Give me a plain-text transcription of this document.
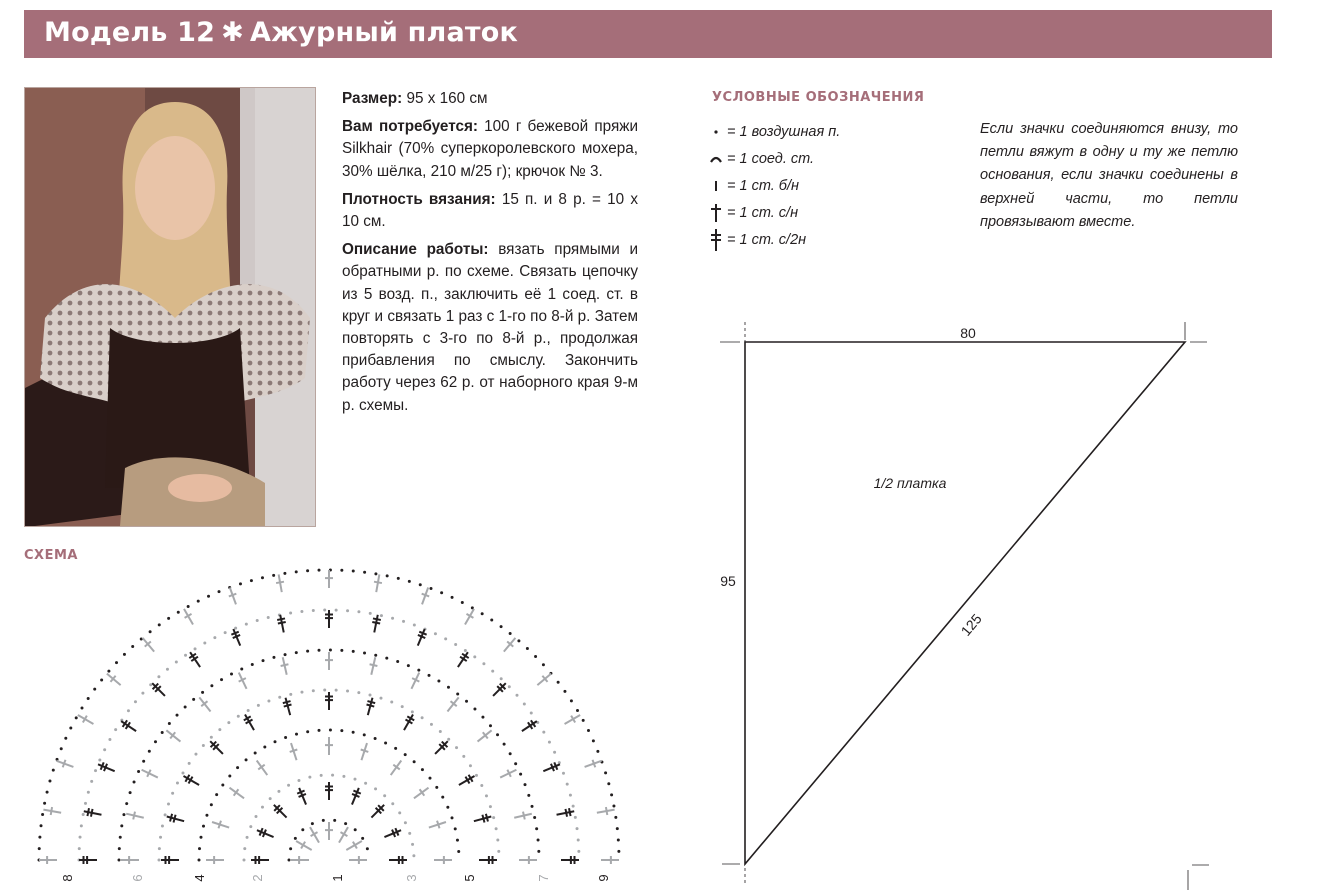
Модель 12 ✱ Ажурный платок

Размер: 95 х 160 см

Вам потребуется: 100 г бежевой пряжи Silkhair (70% суперкоролевского мохера, 30% шёлка, 210 м/25 г); крючок № 3.

Плотность вязания: 15 п. и 8 р. = 10 х 10 см.

Описание работы: вязать прямыми и обратными р. по схеме. Связать цепочку из 5 возд. п., заключить её 1 соед. ст. в круг и связать 1 раз с 1-го по 8-й р. Затем повторять с 3-го по 8-й р., продолжая прибавления по смыслу. Закончить работу через 62 р. от наборного края 9-м р. схемы.

УСЛОВНЫЕ ОБОЗНАЧЕНИЯ
= 1 воздушная п.
= 1 соед. ст.
= 1 ст. б/н
= 1 ст. с/н
= 1 ст. с/2н
Если значки соединяются внизу, то петли вяжут в одну и ту же петлю основания, если значки соединены в верхней части, то петли провязывают вместе.
СХЕМА
8	6	4	2	1	3	5	7	9
80
95
125
1/2 платка
